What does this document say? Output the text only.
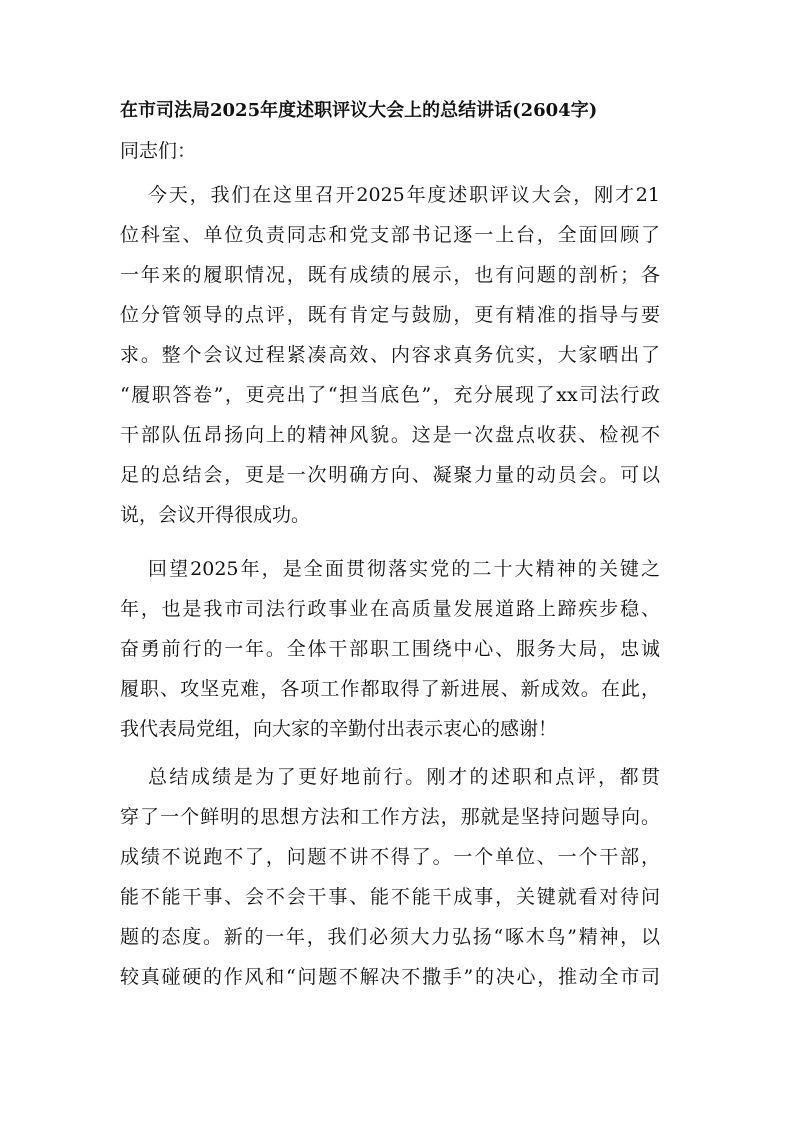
在市司法局2025年度述职评议大会上的总结讲话(2604字)
同志们：
今天，我们在这里召开2025年度述职评议大会，刚才21
位科室、单位负责同志和党支部书记逐一上台，全面回顾了
一年来的履职情况，既有成绩的展示，也有问题的剖析；各
位分管领导的点评，既有肯定与鼓励，更有精准的指导与要
求。整个会议过程紧凑高效、内容求真务伉实，大家晒出了
“履职答卷”，更亮出了“担当底色”，充分展现了xx司法行政
干部队伍昂扬向上的精神风貌。这是一次盘点收获、检视不
足的总结会，更是一次明确方向、凝聚力量的动员会。可以
说，会议开得很成功。
回望2025年，是全面贯彻落实党的二十大精神的关键之
年，也是我市司法行政事业在高质量发展道路上蹄疾步稳、
奋勇前行的一年。全体干部职工围绕中心、服务大局，忠诚
履职、攻坚克难，各项工作都取得了新进展、新成效。在此，
我代表局党组，向大家的辛勤付出表示衷心的感谢！
总结成绩是为了更好地前行。刚才的述职和点评，都贯
穿了一个鲜明的思想方法和工作方法，那就是坚持问题导向。
成绩不说跑不了，问题不讲不得了。一个单位、一个干部，
能不能干事、会不会干事、能不能干成事，关键就看对待问
题的态度。新的一年，我们必须大力弘扬“啄木鸟”精神，以
较真碰硬的作风和“问题不解决不撒手”的决心，推动全市司
